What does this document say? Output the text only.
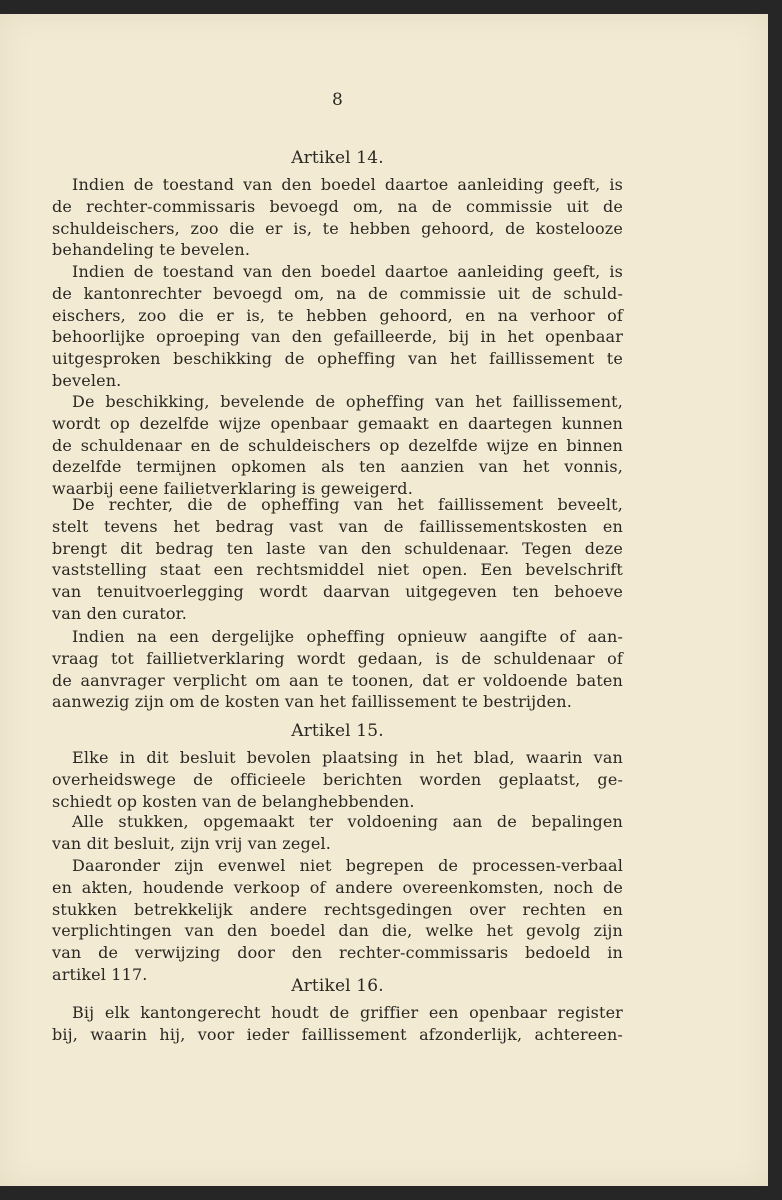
8
Artikel 14.
Indien de toestand van den boedel daartoe aanleiding geeft, is
de rechter-commissaris bevoegd om, na de commissie uit de
schuldeischers, zoo die er is, te hebben gehoord, de kostelooze
behandeling te bevelen.
Indien de toestand van den boedel daartoe aanleiding geeft, is
de kantonrechter bevoegd om, na de commissie uit de schuld-
eischers, zoo die er is, te hebben gehoord, en na verhoor of
behoorlijke oproeping van den gefailleerde, bij in het openbaar
uitgesproken beschikking de opheffing van het faillissement te
bevelen.
De beschikking, bevelende de opheffing van het faillissement,
wordt op dezelfde wijze openbaar gemaakt en daartegen kunnen
de schuldenaar en de schuldeischers op dezelfde wijze en binnen
dezelfde termijnen opkomen als ten aanzien van het vonnis,
waarbij eene failietverklaring is geweigerd.
De rechter, die de opheffing van het faillissement beveelt,
stelt tevens het bedrag vast van de faillissementskosten en
brengt dit bedrag ten laste van den schuldenaar. Tegen deze
vaststelling staat een rechtsmiddel niet open. Een bevelschrift
van tenuitvoerlegging wordt daarvan uitgegeven ten behoeve
van den curator.
Indien na een dergelijke opheffing opnieuw aangifte of aan-
vraag tot faillietverklaring wordt gedaan, is de schuldenaar of
de aanvrager verplicht om aan te toonen, dat er voldoende baten
aanwezig zijn om de kosten van het faillissement te bestrijden.
Artikel 15.
Elke in dit besluit bevolen plaatsing in het blad, waarin van
overheidswege de officieele berichten worden geplaatst, ge-
schiedt op kosten van de belanghebbenden.
Alle stukken, opgemaakt ter voldoening aan de bepalingen
van dit besluit, zijn vrij van zegel.
Daaronder zijn evenwel niet begrepen de processen-verbaal
en akten, houdende verkoop of andere overeenkomsten, noch de
stukken betrekkelijk andere rechtsgedingen over rechten en
verplichtingen van den boedel dan die, welke het gevolg zijn
van de verwijzing door den rechter-commissaris bedoeld in
artikel 117.
Artikel 16.
Bij elk kantongerecht houdt de griffier een openbaar register
bij, waarin hij, voor ieder faillissement afzonderlijk, achtereen-
